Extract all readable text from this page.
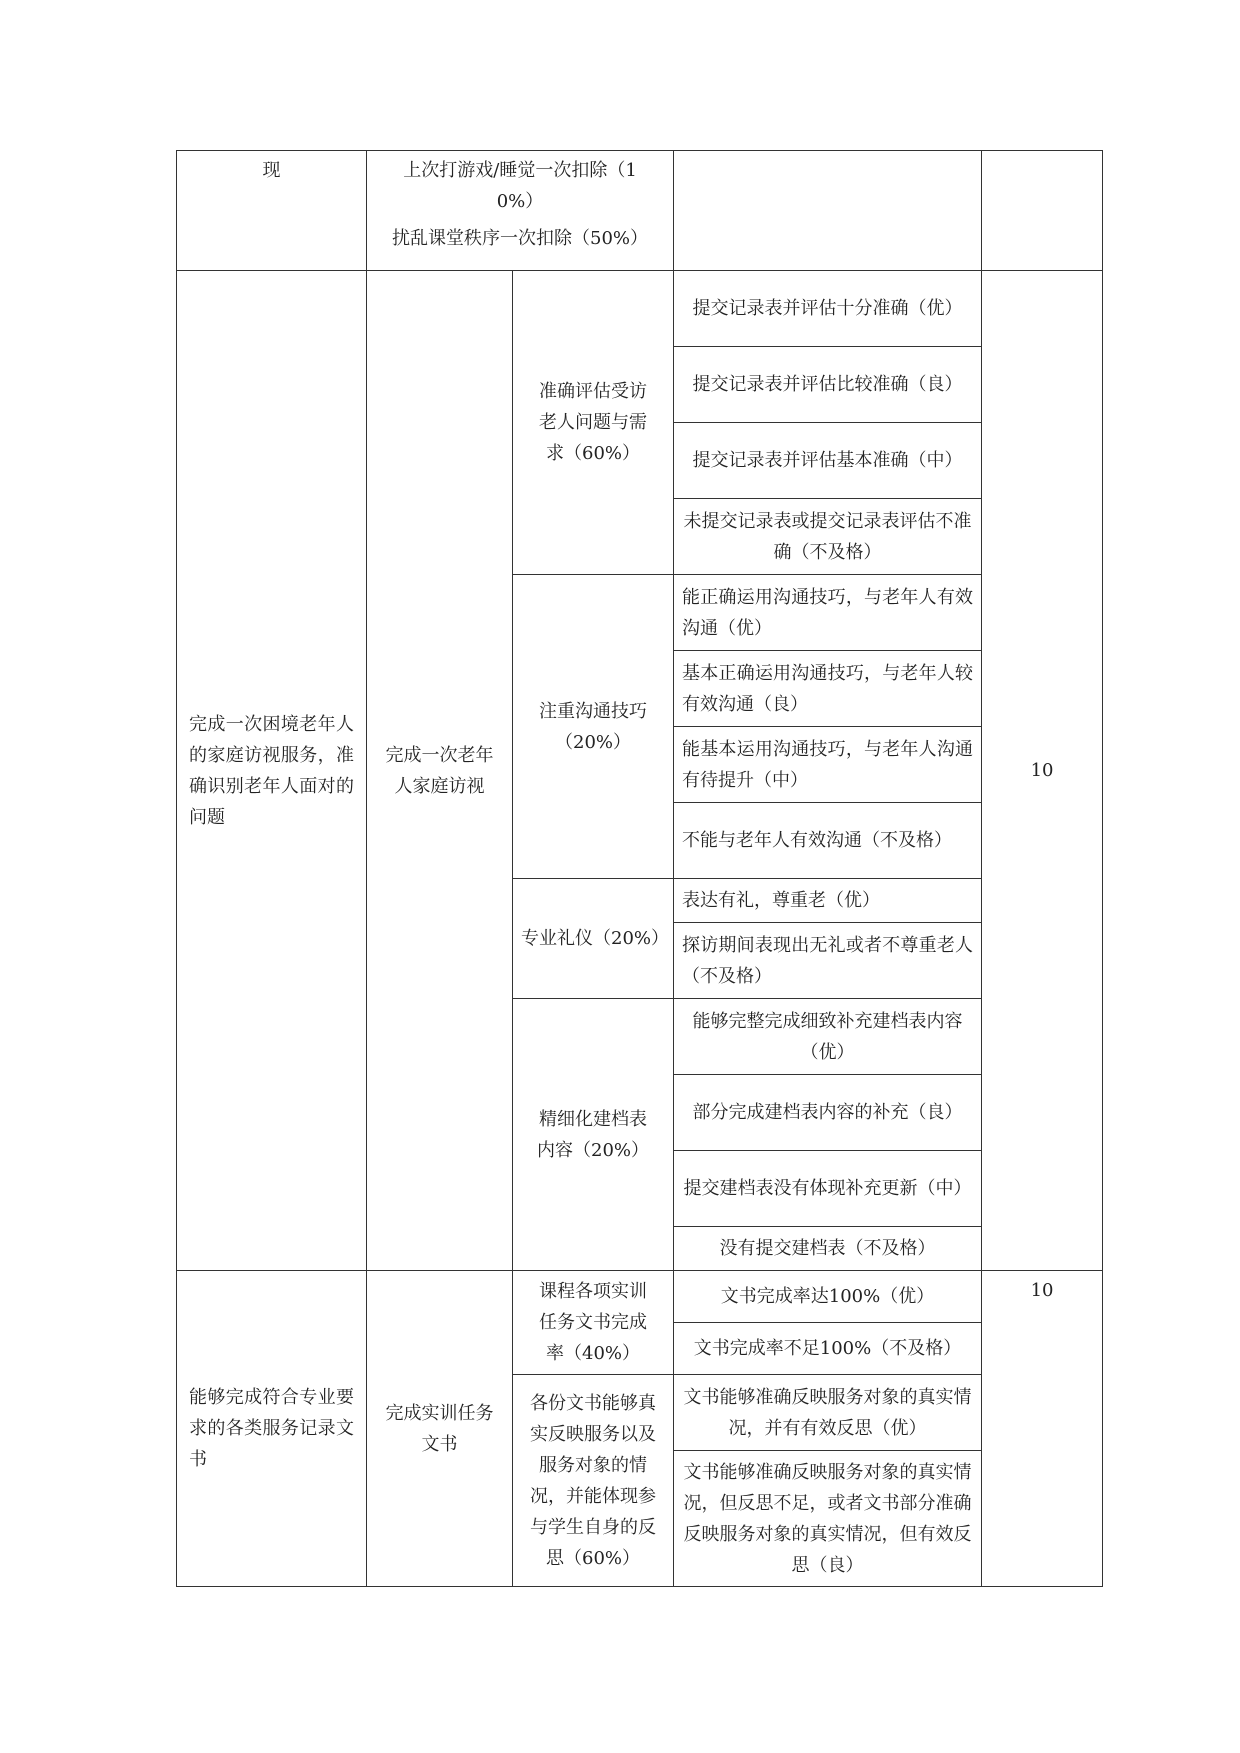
现	上次打游戏/睡觉一次扣除（10%）
扰乱课堂秩序一次扣除（50%）			

完成一次困境老年人的家庭访视服务，准确识别老年人面对的问题	完成一次老年人家庭访视	准确评估受访老人问题与需求（60%）	提交记录表并评估十分准确（优）	10
			提交记录表并评估比较准确（良）	
			提交记录表并评估基本准确（中）	
			未提交记录表或提交记录表评估不准确（不及格）	
		注重沟通技巧（20%）	能正确运用沟通技巧，与老年人有效沟通（优）	
			基本正确运用沟通技巧，与老年人较有效沟通（良）	
			能基本运用沟通技巧，与老年人沟通有待提升（中）	
			不能与老年人有效沟通（不及格）	
		专业礼仪（20%）	表达有礼，尊重老（优）	
			探访期间表现出无礼或者不尊重老人（不及格）	
		精细化建档表内容（20%）	能够完整完成细致补充建档表内容（优）	
			部分完成建档表内容的补充（良）	
			提交建档表没有体现补充更新（中）	
			没有提交建档表（不及格）	
能够完成符合专业要求的各类服务记录文书	完成实训任务文书	课程各项实训任务文书完成率（40%）	文书完成率达100%（优）	10
			文书完成率不足100%（不及格）	
		各份文书能够真实反映服务以及服务对象的情况，并能体现参与学生自身的反思（60%）	文书能够准确反映服务对象的真实情况，并有有效反思（优）	
			文书能够准确反映服务对象的真实情况，但反思不足，或者文书部分准确反映服务对象的真实情况，但有效反思（良）	
